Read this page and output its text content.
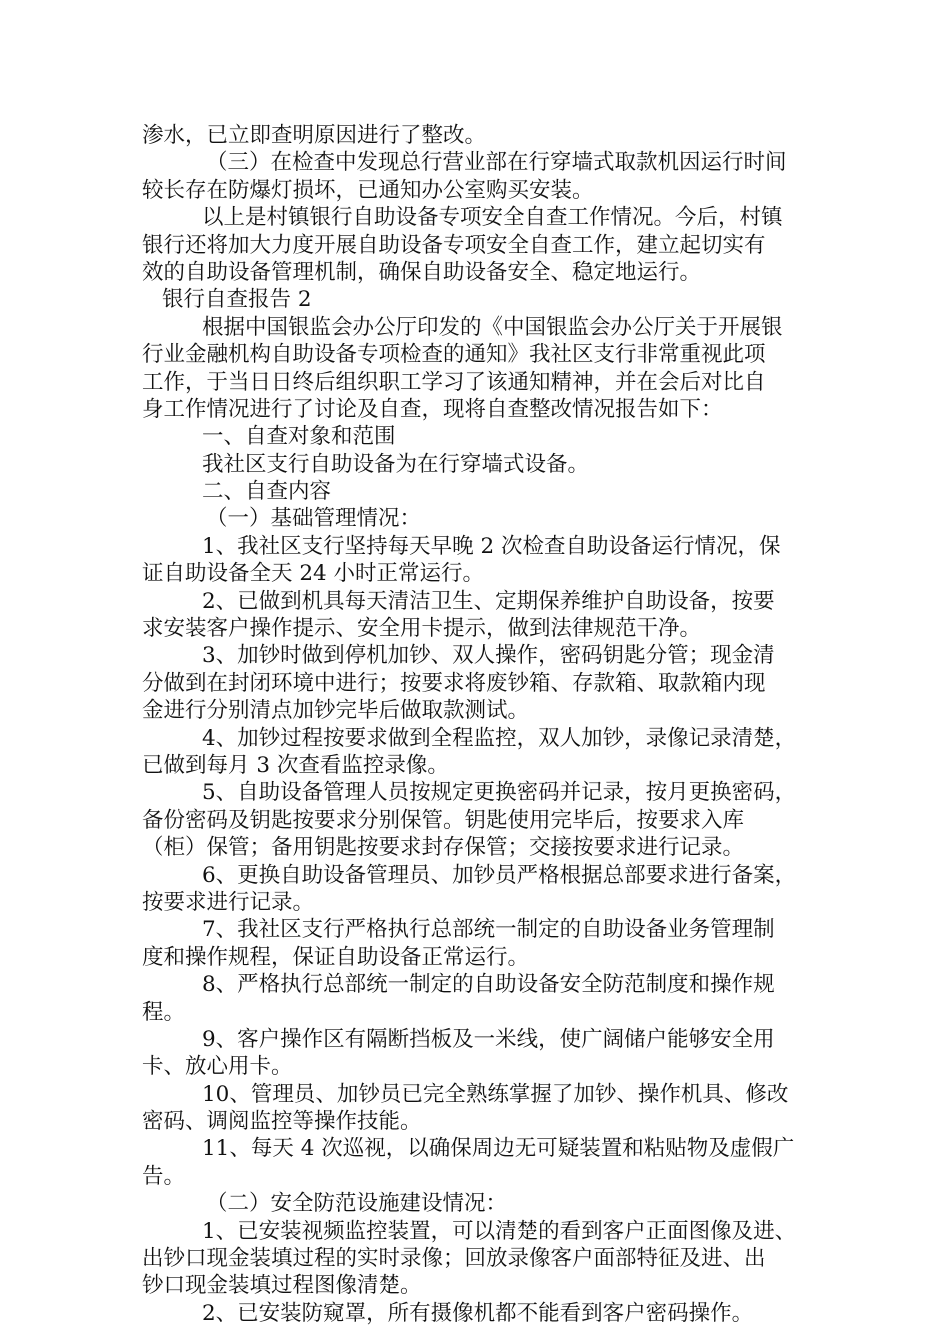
渗水，已立即查明原因进行了整改。
（三）在检查中发现总行营业部在行穿墙式取款机因运行时间
较长存在防爆灯损坏，已通知办公室购买安装。
以上是村镇银行自助设备专项安全自查工作情况。今后，村镇
银行还将加大力度开展自助设备专项安全自查工作，建立起切实有
效的自助设备管理机制，确保自助设备安全、稳定地运行。
银行自查报告 2
根据中国银监会办公厅印发的《中国银监会办公厅关于开展银
行业金融机构自助设备专项检查的通知》我社区支行非常重视此项
工作，于当日日终后组织职工学习了该通知精神，并在会后对比自
身工作情况进行了讨论及自查，现将自查整改情况报告如下：
一、自查对象和范围
我社区支行自助设备为在行穿墙式设备。
二、自查内容
（一）基础管理情况：
1、我社区支行坚持每天早晚 2 次检查自助设备运行情况，保
证自助设备全天 24 小时正常运行。
2、已做到机具每天清洁卫生、定期保养维护自助设备，按要
求安装客户操作提示、安全用卡提示，做到法律规范干净。
3、加钞时做到停机加钞、双人操作，密码钥匙分管；现金清
分做到在封闭环境中进行；按要求将废钞箱、存款箱、取款箱内现
金进行分别清点加钞完毕后做取款测试。
4、加钞过程按要求做到全程监控，双人加钞，录像记录清楚，
已做到每月 3 次查看监控录像。
5、自助设备管理人员按规定更换密码并记录，按月更换密码，
备份密码及钥匙按要求分别保管。钥匙使用完毕后，按要求入库
（柜）保管；备用钥匙按要求封存保管；交接按要求进行记录。
6、更换自助设备管理员、加钞员严格根据总部要求进行备案，
按要求进行记录。
7、我社区支行严格执行总部统一制定的自助设备业务管理制
度和操作规程，保证自助设备正常运行。
8、严格执行总部统一制定的自助设备安全防范制度和操作规
程。
9、客户操作区有隔断挡板及一米线，使广阔储户能够安全用
卡、放心用卡。
10、管理员、加钞员已完全熟练掌握了加钞、操作机具、修改
密码、调阅监控等操作技能。
11、每天 4 次巡视，以确保周边无可疑装置和粘贴物及虚假广
告。
（二）安全防范设施建设情况：
1、已安装视频监控装置，可以清楚的看到客户正面图像及进、
出钞口现金装填过程的实时录像；回放录像客户面部特征及进、出
钞口现金装填过程图像清楚。
2、已安装防窥罩，所有摄像机都不能看到客户密码操作。
